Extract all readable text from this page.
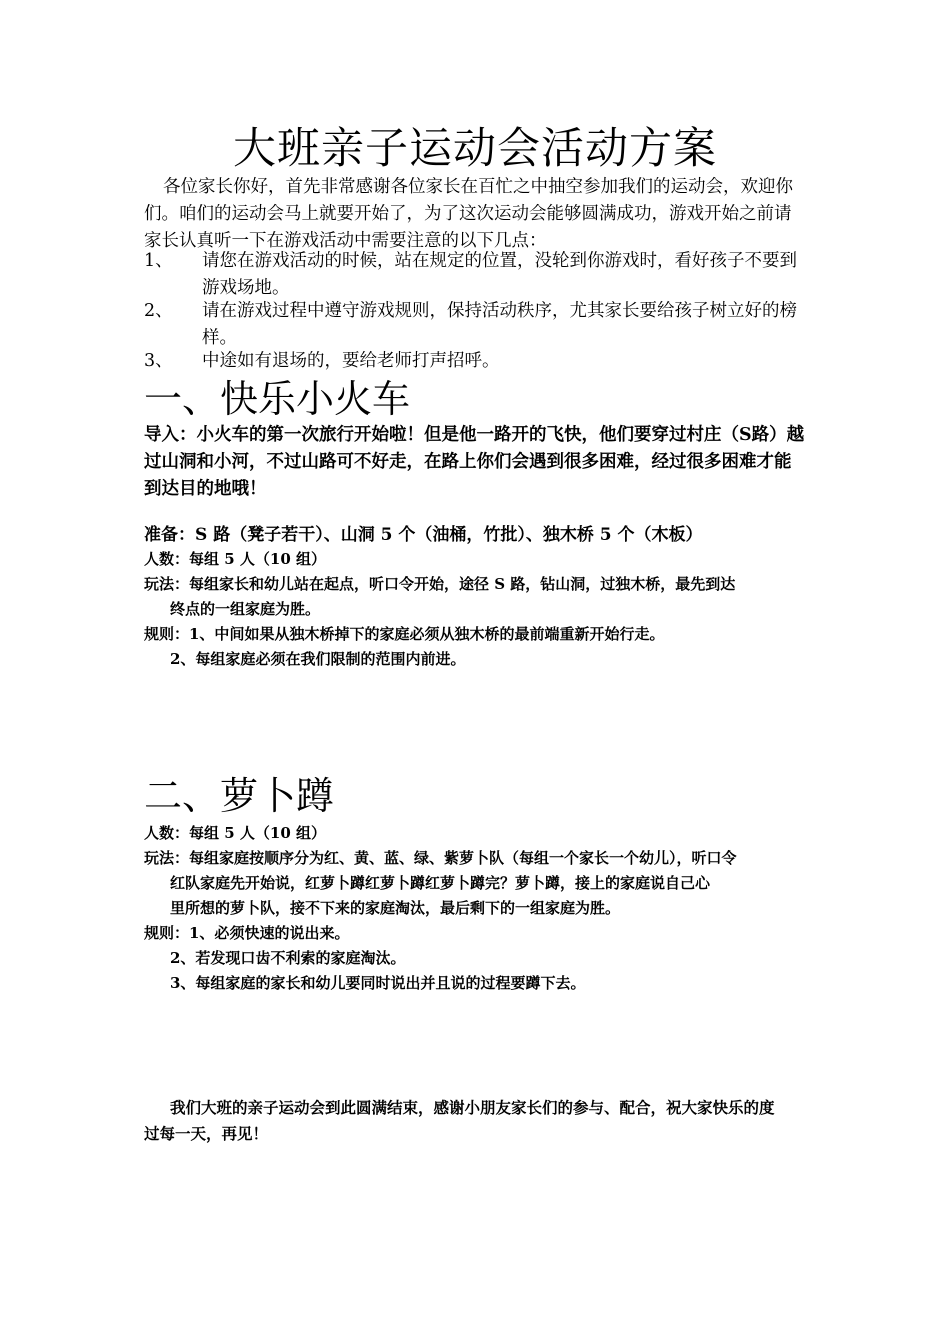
大班亲子运动会活动方案
各位家长你好，首先非常感谢各位家长在百忙之中抽空参加我们的运动会，欢迎你们。咱们的运动会马上就要开始了，为了这次运动会能够圆满成功，游戏开始之前请家长认真听一下在游戏活动中需要注意的以下几点：
1、 请您在游戏活动的时候，站在规定的位置，没轮到你游戏时，看好孩子不要到游戏场地。
2、 请在游戏过程中遵守游戏规则，保持活动秩序，尤其家长要给孩子树立好的榜样。
3、 中途如有退场的，要给老师打声招呼。
一、快乐小火车
导入：小火车的第一次旅行开始啦！但是他一路开的飞快，他们要穿过村庄（S路）越过山洞和小河，不过山路可不好走，在路上你们会遇到很多困难，经过很多困难才能到达目的地哦！
准备：S 路（凳子若干）、山洞 5 个（油桶，竹批）、独木桥 5 个（木板）
人数：每组 5 人（10 组）
玩法：每组家长和幼儿站在起点，听口令开始，途径 S 路，钻山洞，过独木桥，最先到达
终点的一组家庭为胜。
规则：1、中间如果从独木桥掉下的家庭必须从独木桥的最前端重新开始行走。
2、每组家庭必须在我们限制的范围内前进。
二、萝卜蹲
人数：每组 5 人（10 组）
玩法：每组家庭按顺序分为红、黄、蓝、绿、紫萝卜队（每组一个家长一个幼儿），听口令
红队家庭先开始说，红萝卜蹲红萝卜蹲红萝卜蹲完？萝卜蹲，接上的家庭说自己心
里所想的萝卜队，接不下来的家庭淘汰，最后剩下的一组家庭为胜。
规则：1、必须快速的说出来。
2、若发现口齿不利索的家庭淘汰。
3、每组家庭的家长和幼儿要同时说出并且说的过程要蹲下去。
我们大班的亲子运动会到此圆满结束，感谢小朋友家长们的参与、配合，祝大家快乐的度
过每一天，再见！
